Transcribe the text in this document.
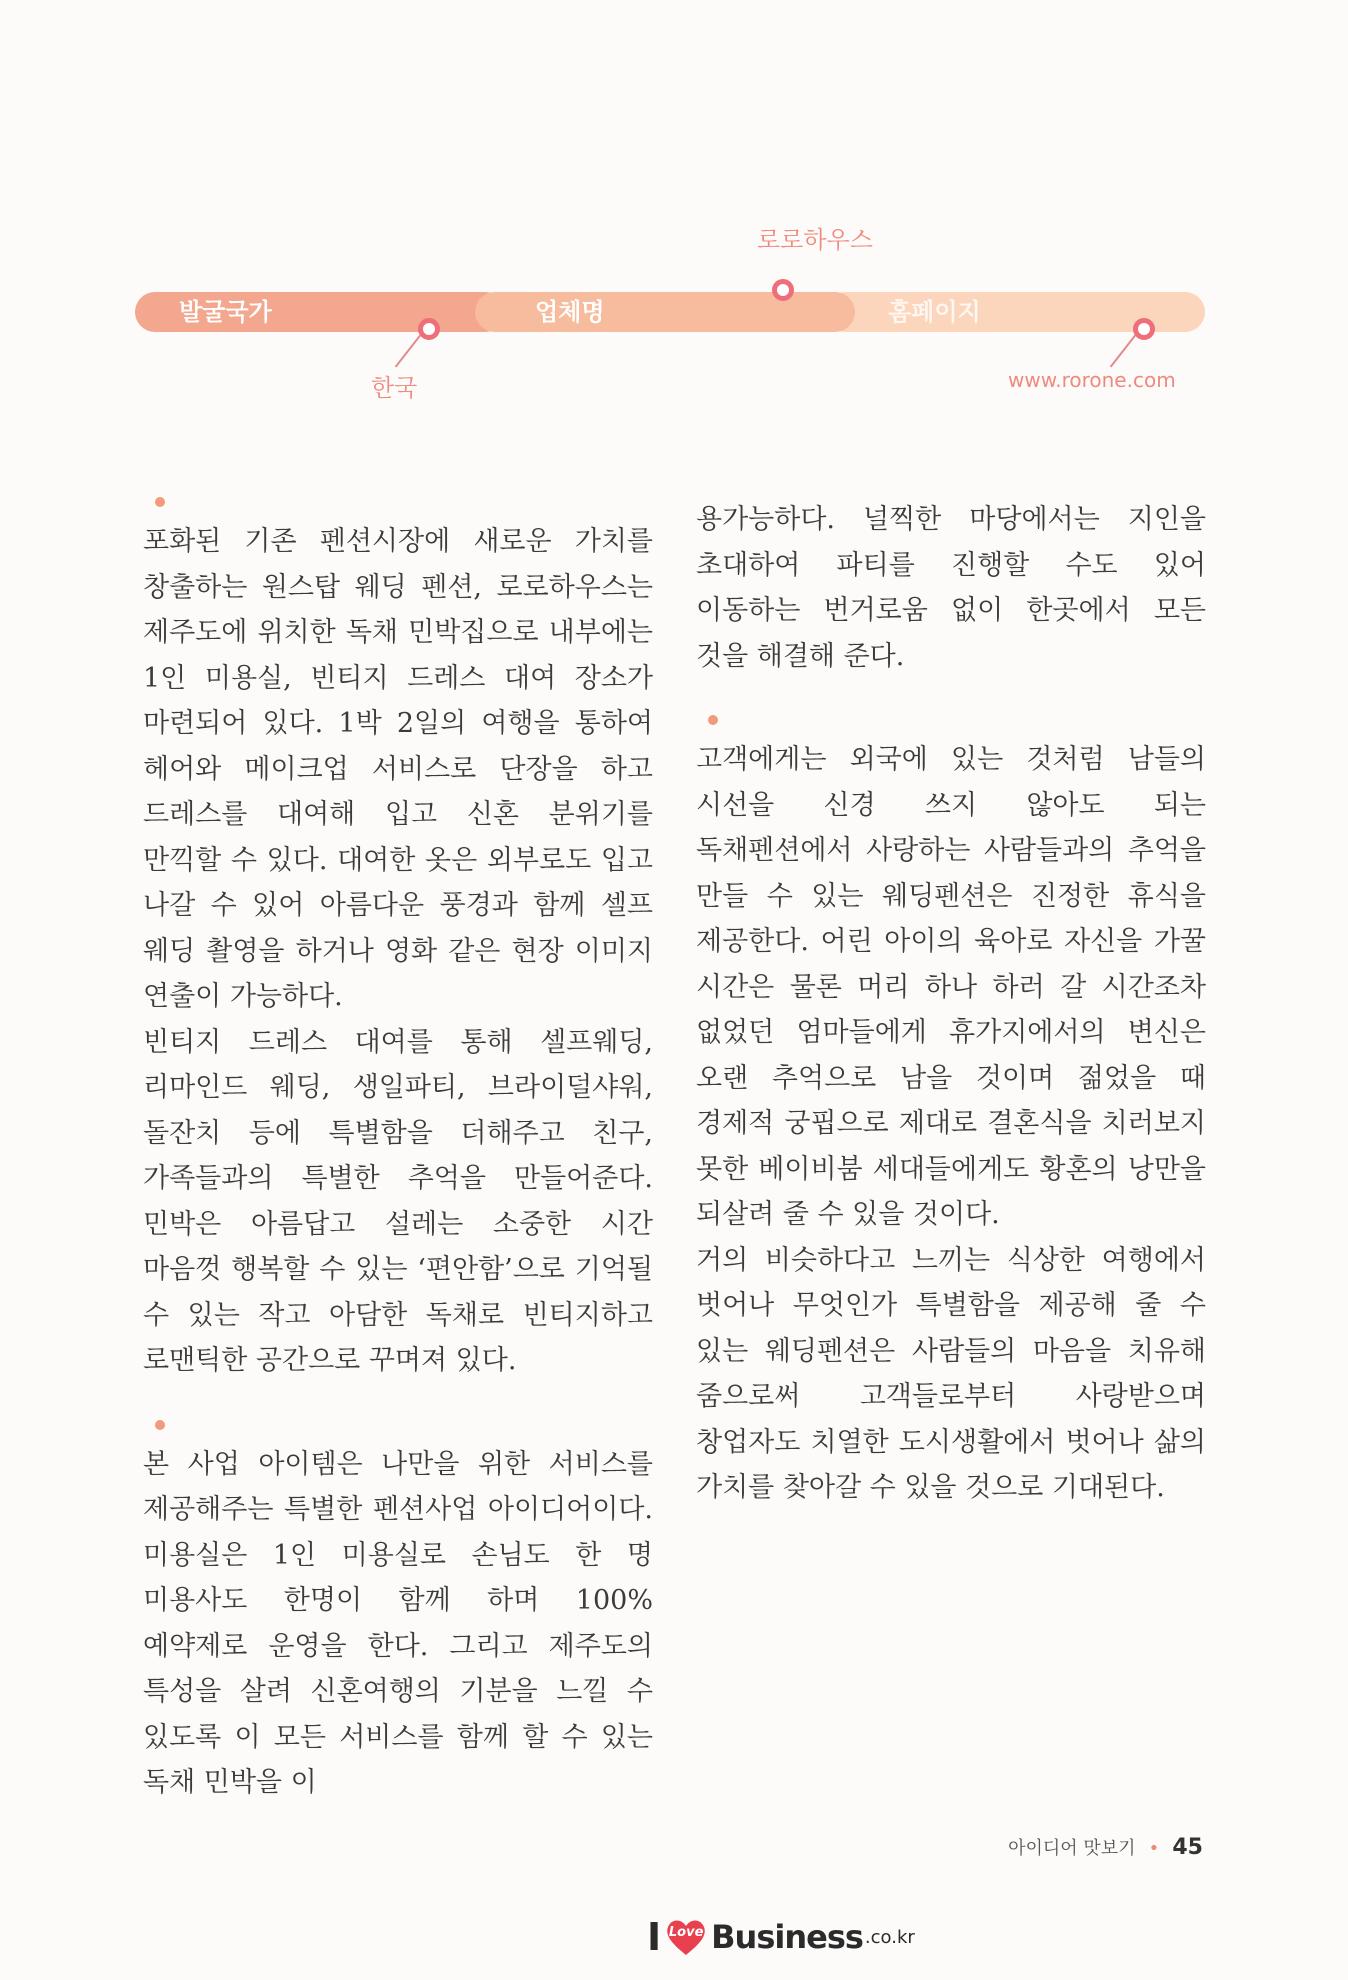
발굴국가	업체명	홈페이지
한국
로로하우스
www.rorone.com

포화된 기존 펜션시장에 새로운 가치를 창출하는 원스탑 웨딩 펜션, 로로하우스는 제주도에 위치한 독채 민박집으로 내부에는 1인 미용실, 빈티지 드레스 대여 장소가 마련되어 있다. 1박 2일의 여행을 통하여 헤어와 메이크업 서비스로 단장을 하고 드레스를 대여해 입고 신혼 분위기를 만끽할 수 있다. 대여한 옷은 외부로도 입고 나갈 수 있어 아름다운 풍경과 함께 셀프 웨딩 촬영을 하거나 영화 같은 현장 이미지 연출이 가능하다.

빈티지 드레스 대여를 통해 셀프웨딩, 리마인드 웨딩, 생일파티, 브라이덜샤워, 돌잔치 등에 특별함을 더해주고 친구, 가족들과의 특별한 추억을 만들어준다. 민박은 아름답고 설레는 소중한 시간 마음껏 행복할 수 있는 ‘편안함’으로 기억될 수 있는 작고 아담한 독채로 빈티지하고 로맨틱한 공간으로 꾸며져 있다.

본 사업 아이템은 나만을 위한 서비스를 제공해주는 특별한 펜션사업 아이디어이다. 미용실은 1인 미용실로 손님도 한 명 미용사도 한명이 함께 하며 100% 예약제로 운영을 한다. 그리고 제주도의 특성을 살려 신혼여행의 기분을 느낄 수 있도록 이 모든 서비스를 함께 할 수 있는 독채 민박을 이

용가능하다. 널찍한 마당에서는 지인을 초대하여 파티를 진행할 수도 있어 이동하는 번거로움 없이 한곳에서 모든 것을 해결해 준다.

고객에게는 외국에 있는 것처럼 남들의 시선을 신경 쓰지 않아도 되는 독채펜션에서 사랑하는 사람들과의 추억을 만들 수 있는 웨딩펜션은 진정한 휴식을 제공한다. 어린 아이의 육아로 자신을 가꿀 시간은 물론 머리 하나 하러 갈 시간조차 없었던 엄마들에게 휴가지에서의 변신은 오랜 추억으로 남을 것이며 젊었을 때 경제적 궁핍으로 제대로 결혼식을 치러보지 못한 베이비붐 세대들에게도 황혼의 낭만을 되살려 줄 수 있을 것이다.

거의 비슷하다고 느끼는 식상한 여행에서 벗어나 무엇인가 특별함을 제공해 줄 수 있는 웨딩펜션은 사람들의 마음을 치유해 줌으로써 고객들로부터 사랑받으며 창업자도 치열한 도시생활에서 벗어나 삶의 가치를 찾아갈 수 있을 것으로 기대된다.

아이디어 맛보기 • 45
I Love Business .co.kr
